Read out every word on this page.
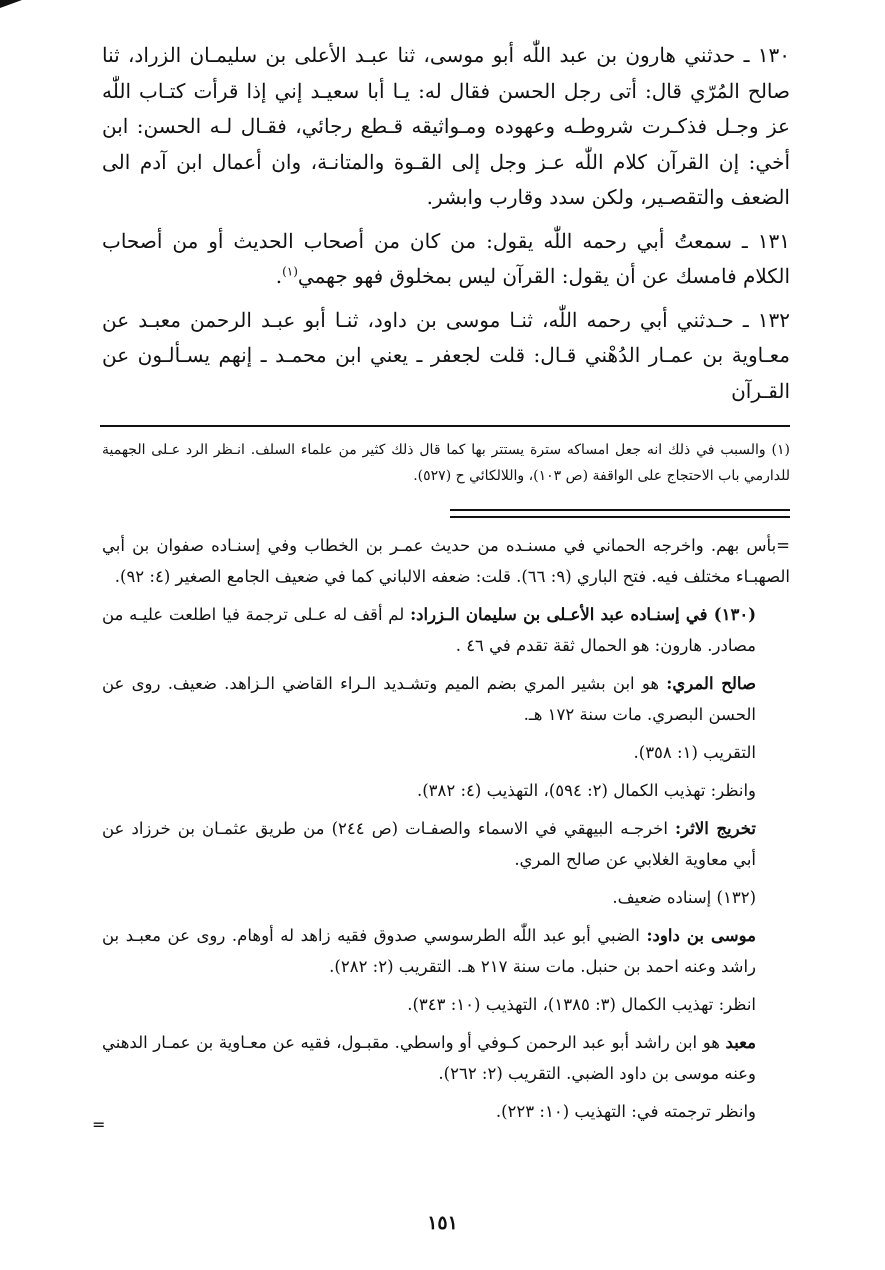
١٣٠ ـ حدثني هارون بن عبد اللّٰه أبو موسى، ثنا عبـد الأعلى بن سليمـان الزراد، ثنا صالح المُرّي قال: أتى رجل الحسن فقال له: يـا أبا سعيـد إني إذا قرأت كتـاب اللّٰه عز وجـل فذكـرت شروطـه وعهوده ومـواثيقه قـطع رجائي، فقـال لـه الحسن: ابن أخي: إن القرآن كلام اللّٰه عـز وجل إلى القـوة والمتانـة، وان أعمال ابن آدم الى الضعف والتقصـير، ولكن سدد وقارب وابشر.

١٣١ ـ سمعتُ أبي رحمه اللّٰه يقول: من كان من أصحاب الحديث أو من أصحاب الكلام فامسك عن أن يقول: القرآن ليس بمخلوق فهو جهمي$^{(١)}$.

١٣٢ ـ حـدثني أبي رحمه اللّٰه، ثنـا موسى بن داود، ثنـا أبو عبـد الرحمن معبـد عن معـاوية بن عمـار الدُهْني قـال: قلت لجعفر ـ يعني ابن محمـد ـ إنهم يسـألـون عن القـرآن

(١) والسبب في ذلك انه جعل امساكه سترة يستتر بها كما قال ذلك كثير من علماء السلف. انـظر الرد عـلى الجهمية للدارمي باب الاحتجاج على الواقفة (ص ١٠٣)، واللالكائي ح (٥٢٧).

=بأس بهم. واخرجه الحماني في مسنـده من حديث عمـر بن الخطاب وفي إسنـاده صفوان بن أبي الصهبـاء مختلف فيه. فتح الباري (٩: ٦٦). قلت: ضعفه الالباني كما في ضعيف الجامع الصغير (٤: ٩٢).

(١٣٠) في إسنـاده عبد الأعـلى بن سليمان الـزراد: لم أقف له عـلى ترجمة فيا اطلعت عليـه من مصادر. هارون: هو الحمال ثقة تقدم في ٤٦ .

صالح المري: هو ابن بشير المري بضم الميم وتشـديد الـراء القاضي الـزاهد. ضعيف. روى عن الحسن البصري. مات سنة ١٧٢ هـ.

التقريب (١: ٣٥٨).

وانظر: تهذيب الكمال (٢: ٥٩٤)، التهذيب (٤: ٣٨٢).

تخريج الاثر: اخرجـه البيهقي في الاسماء والصفـات (ص ٢٤٤) من طريق عثمـان بن خرزاد عن أبي معاوية الغلابي عن صالح المري.

(١٣٢) إسناده ضعيف.

موسى بن داود: الضبي أبو عبد اللّٰه الطرسوسي صدوق فقيه زاهد له أوهام. روى عن معبـد بن راشد وعنه احمد بن حنبل. مات سنة ٢١٧ هـ. التقريب (٢: ٢٨٢).

انظر: تهذيب الكمال (٣: ١٣٨٥)، التهذيب (١٠: ٣٤٣).

معبد هو ابن راشد أبو عبد الرحمن كـوفي أو واسطي. مقبـول، فقيه عن معـاوية بن عمـار الدهني وعنه موسى بن داود الضبي. التقريب (٢: ٢٦٢).

وانظر ترجمته في: التهذيب (١٠: ٢٢٣).

=
١٥١
